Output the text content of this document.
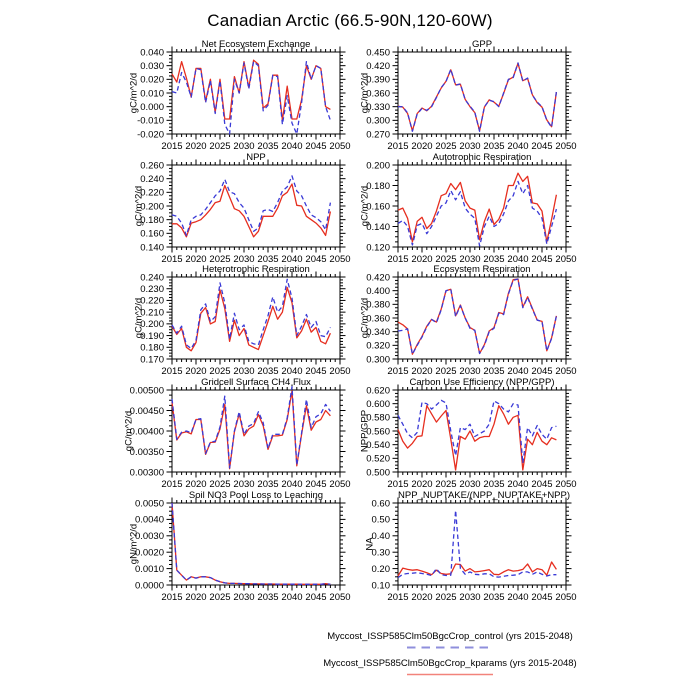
Canadian Arctic (66.5-90N,120-60W)
Net Ecosystem Exchange
gC/m^2/d
2015 2020 2025 2030 2035 2040 2045 2050
-0.020
-0.010
0.000
0.010
0.020
0.030
0.040
GPP
gC/m^2/d
2015 2020 2025 2030 2035 2040 2045 2050
0.270
0.300
0.330
0.360
0.390
0.420
0.450
NPP
gC/m^2/d
2015 2020 2025 2030 2035 2040 2045 2050
0.140
0.160
0.180
0.200
0.220
0.240
0.260
Autotrophic Respiration
gC/m^2/d
2015 2020 2025 2030 2035 2040 2045 2050
0.120
0.140
0.160
0.180
0.200
Heterotrophic Respiration
gC/m^2/d
2015 2020 2025 2030 2035 2040 2045 2050
0.170
0.180
0.190
0.200
0.210
0.220
0.230
0.240
Ecosystem Respiration
gC/m^2/d
2015 2020 2025 2030 2035 2040 2045 2050
0.300
0.320
0.340
0.360
0.380
0.400
0.420
Gridcell Surface CH4 Flux
gC/m^2/d
2015 2020 2025 2030 2035 2040 2045 2050
0.00300
0.00350
0.00400
0.00450
0.00500
Carbon Use Efficiency (NPP/GPP)
NPP/GPP
2015 2020 2025 2030 2035 2040 2045 2050
0.500
0.520
0.540
0.560
0.580
0.600
0.620
Soil NO3 Pool Loss to Leaching
gN/m^2/d
2015 2020 2025 2030 2035 2040 2045 2050
0.0000
0.0010
0.0020
0.0030
0.0040
0.0050
NPP_NUPTAKE/(NPP_NUPTAKE+NPP)
NA
2015 2020 2025 2030 2035 2040 2045 2050
0.10
0.20
0.30
0.40
0.50
0.60
Myccost_ISSP585Clm50BgcCrop_control (yrs 2015-2048)
Myccost_ISSP585Clm50BgcCrop_kparams (yrs 2015-2048)
